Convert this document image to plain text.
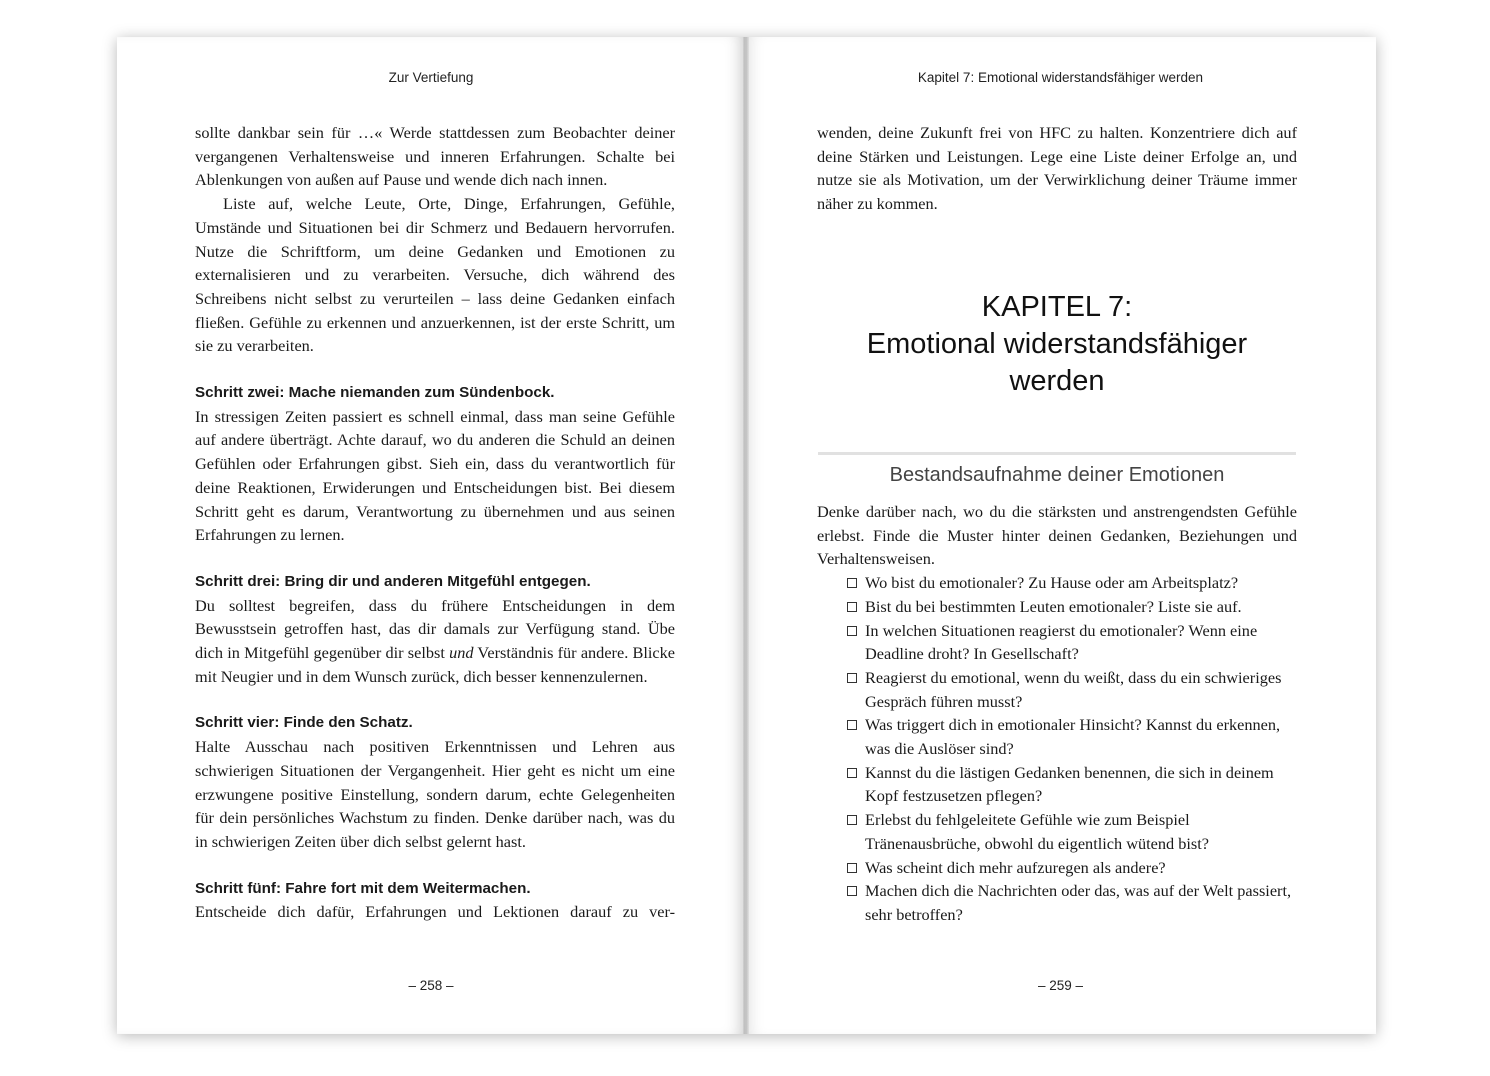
Zur Vertiefung

sollte dankbar sein für …« Werde stattdessen zum Beobachter deiner vergangenen Verhaltensweise und inneren Erfahrungen. Schalte bei Ablenkungen von außen auf Pause und wende dich nach innen.

Liste auf, welche Leute, Orte, Dinge, Erfahrungen, Gefühle, Umstände und Situationen bei dir Schmerz und Bedauern hervorrufen. Nutze die Schriftform, um deine Gedanken und Emotionen zu externalisieren und zu verarbeiten. Versuche, dich während des Schreibens nicht selbst zu verurteilen – lass deine Gedanken einfach fließen. Gefühle zu erkennen und anzuerkennen, ist der erste Schritt, um sie zu verarbeiten.

Schritt zwei: Mache niemanden zum Sündenbock.

In stressigen Zeiten passiert es schnell einmal, dass man seine Gefühle auf andere überträgt. Achte darauf, wo du anderen die Schuld an deinen Gefühlen oder Erfahrungen gibst. Sieh ein, dass du verantwortlich für deine Reaktionen, Erwiderungen und Entscheidungen bist. Bei diesem Schritt geht es darum, Verantwortung zu übernehmen und aus seinen Erfahrungen zu lernen.

Schritt drei: Bring dir und anderen Mitgefühl entgegen.

Du solltest begreifen, dass du frühere Entscheidungen in dem Bewusstsein getroffen hast, das dir damals zur Verfügung stand. Übe dich in Mitgefühl gegenüber dir selbst und Verständnis für andere. Blicke mit Neugier und in dem Wunsch zurück, dich besser kennenzulernen.

Schritt vier: Finde den Schatz.

Halte Ausschau nach positiven Erkenntnissen und Lehren aus schwierigen Situationen der Vergangenheit. Hier geht es nicht um eine erzwungene positive Einstellung, sondern darum, echte Gelegenheiten für dein persönliches Wachstum zu finden. Denke darüber nach, was du in schwierigen Zeiten über dich selbst gelernt hast.

Schritt fünf: Fahre fort mit dem Weitermachen.

Entscheide dich dafür, Erfahrungen und Lektionen darauf zu ver-

– 258 –
Kapitel 7: Emotional widerstandsfähiger werden

wenden, deine Zukunft frei von HFC zu halten. Konzentriere dich auf deine Stärken und Leistungen. Lege eine Liste deiner Erfolge an, und nutze sie als Motivation, um der Verwirklichung deiner Träume immer näher zu kommen.

KAPITEL 7:
Emotional widerstandsfähiger
werden
Bestandsaufnahme deiner Emotionen

Denke darüber nach, wo du die stärksten und anstrengendsten Gefühle erlebst. Finde die Muster hinter deinen Gedanken, Beziehungen und Verhaltensweisen.

Wo bist du emotionaler? Zu Hause oder am Arbeitsplatz?
Bist du bei bestimmten Leuten emotionaler? Liste sie auf.
In welchen Situationen reagierst du emotionaler? Wenn eine Deadline droht? In Gesellschaft?
Reagierst du emotional, wenn du weißt, dass du ein schwieriges Gespräch führen musst?
Was triggert dich in emotionaler Hinsicht? Kannst du erkennen, was die Auslöser sind?
Kannst du die lästigen Gedanken benennen, die sich in deinem Kopf festzusetzen pflegen?
Erlebst du fehlgeleitete Gefühle wie zum Beispiel Tränenausbrüche, obwohl du eigentlich wütend bist?
Was scheint dich mehr aufzuregen als andere?
Machen dich die Nachrichten oder das, was auf der Welt passiert, sehr betroffen?
– 259 –
